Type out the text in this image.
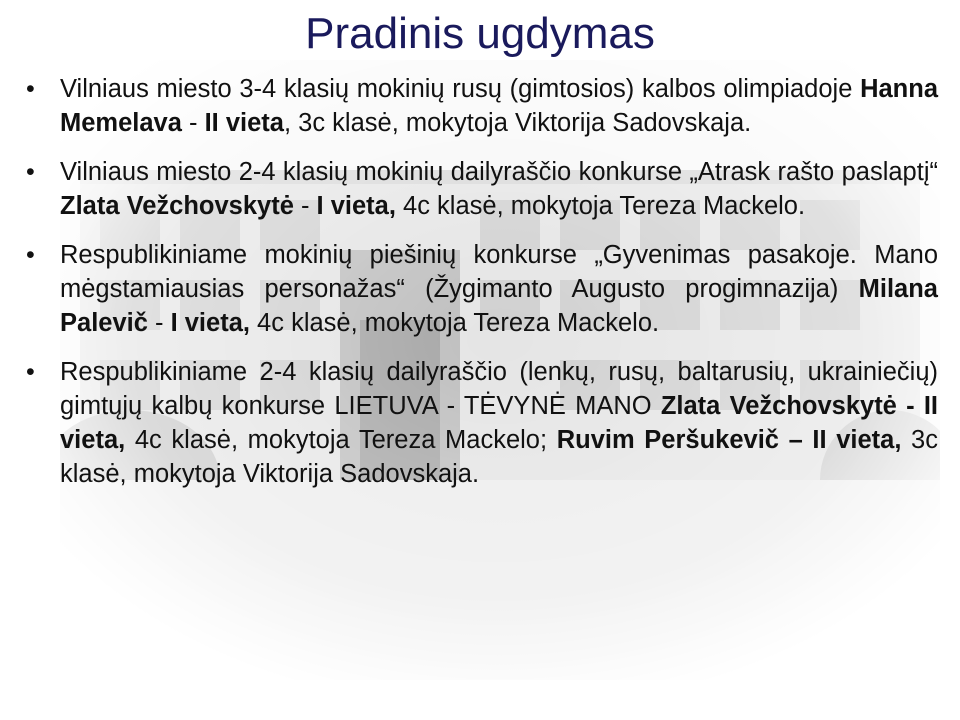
Pradinis ugdymas
• Vilniaus miesto 3-4 klasių mokinių rusų (gimtosios) kalbos olimpiadoje Hanna Memelava - II vieta, 3c klasė, mokytoja Viktorija Sadovskaja.
• Vilniaus miesto 2-4 klasių mokinių dailyraščio konkurse „Atrask rašto paslaptį“ Zlata Vežchovskytė - I vieta, 4c klasė, mokytoja Tereza Mackelo.
• Respublikiniame mokinių piešinių konkurse „Gyvenimas pasakoje. Mano mėgstamiausias personažas“ (Žygimanto Augusto progimnazija) Milana Palevič - I vieta, 4c klasė, mokytoja Tereza Mackelo.
• Respublikiniame 2-4 klasių dailyraščio (lenkų, rusų, baltarusių, ukrainiečių) gimtųjų kalbų konkurse LIETUVA - TĖVYNĖ MANO Zlata Vežchovskytė - II vieta, 4c klasė, mokytoja Tereza Mackelo; Ruvim Peršukevič – II vieta, 3c klasė, mokytoja Viktorija Sadovskaja.
